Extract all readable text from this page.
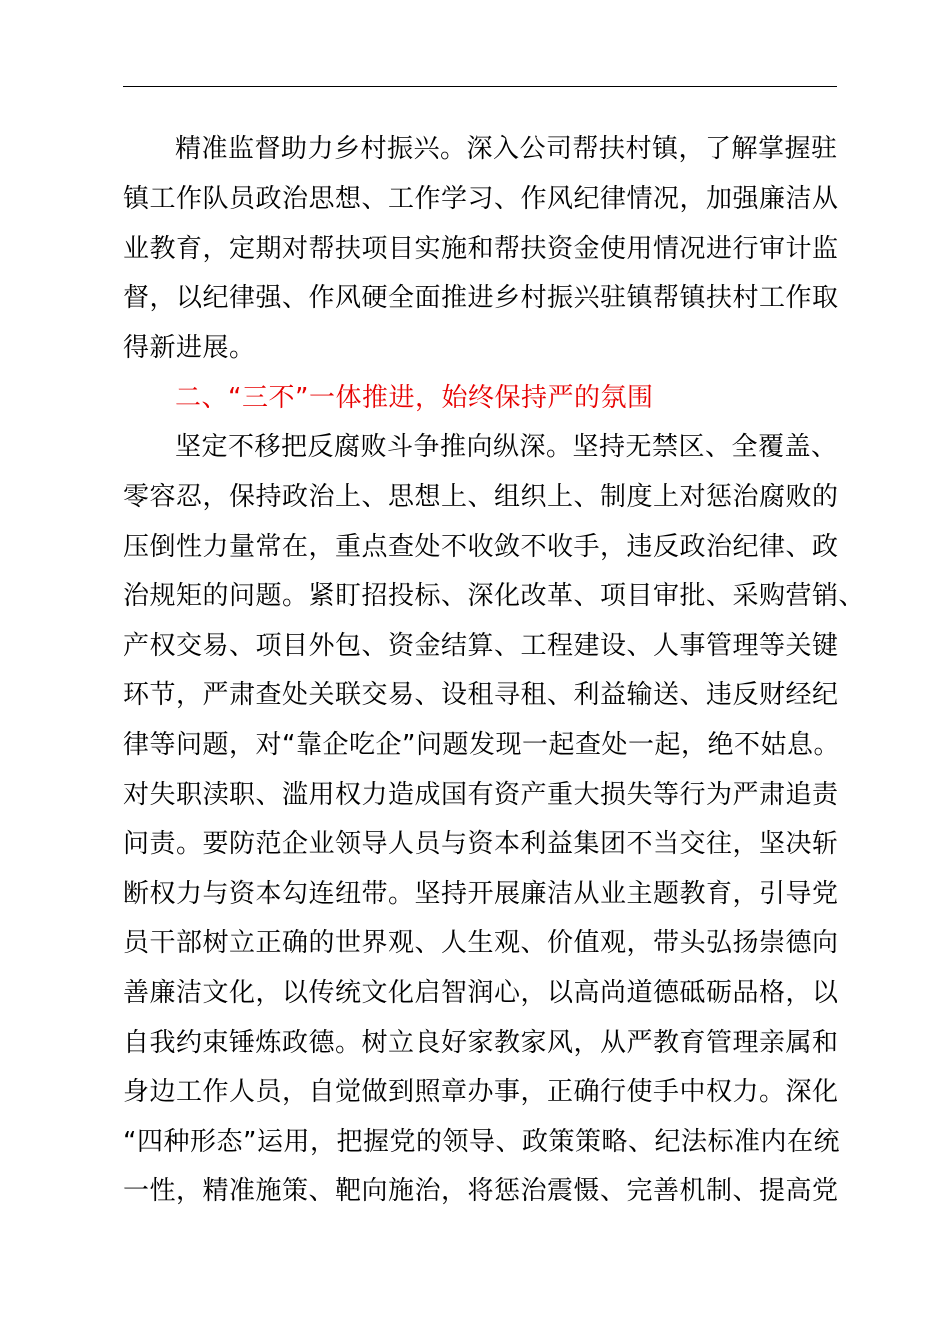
精准监督助力乡村振兴。深入公司帮扶村镇，了解掌握驻
镇工作队员政治思想、工作学习、作风纪律情况，加强廉洁从
业教育，定期对帮扶项目实施和帮扶资金使用情况进行审计监
督，以纪律强、作风硬全面推进乡村振兴驻镇帮镇扶村工作取
得新进展。
二、“三不”一体推进，始终保持严的氛围
坚定不移把反腐败斗争推向纵深。坚持无禁区、全覆盖、
零容忍，保持政治上、思想上、组织上、制度上对惩治腐败的
压倒性力量常在，重点查处不收敛不收手，违反政治纪律、政
治规矩的问题。紧盯招投标、深化改革、项目审批、采购营销、
产权交易、项目外包、资金结算、工程建设、人事管理等关键
环节，严肃查处关联交易、设租寻租、利益输送、违反财经纪
律等问题，对“靠企吃企”问题发现一起查处一起，绝不姑息。
对失职渎职、滥用权力造成国有资产重大损失等行为严肃追责
问责。要防范企业领导人员与资本利益集团不当交往，坚决斩
断权力与资本勾连纽带。坚持开展廉洁从业主题教育，引导党
员干部树立正确的世界观、人生观、价值观，带头弘扬崇德向
善廉洁文化，以传统文化启智润心，以高尚道德砥砺品格，以
自我约束锤炼政德。树立良好家教家风，从严教育管理亲属和
身边工作人员，自觉做到照章办事，正确行使手中权力。深化
“四种形态”运用，把握党的领导、政策策略、纪法标准内在统
一性，精准施策、靶向施治，将惩治震慑、完善机制、提高党
